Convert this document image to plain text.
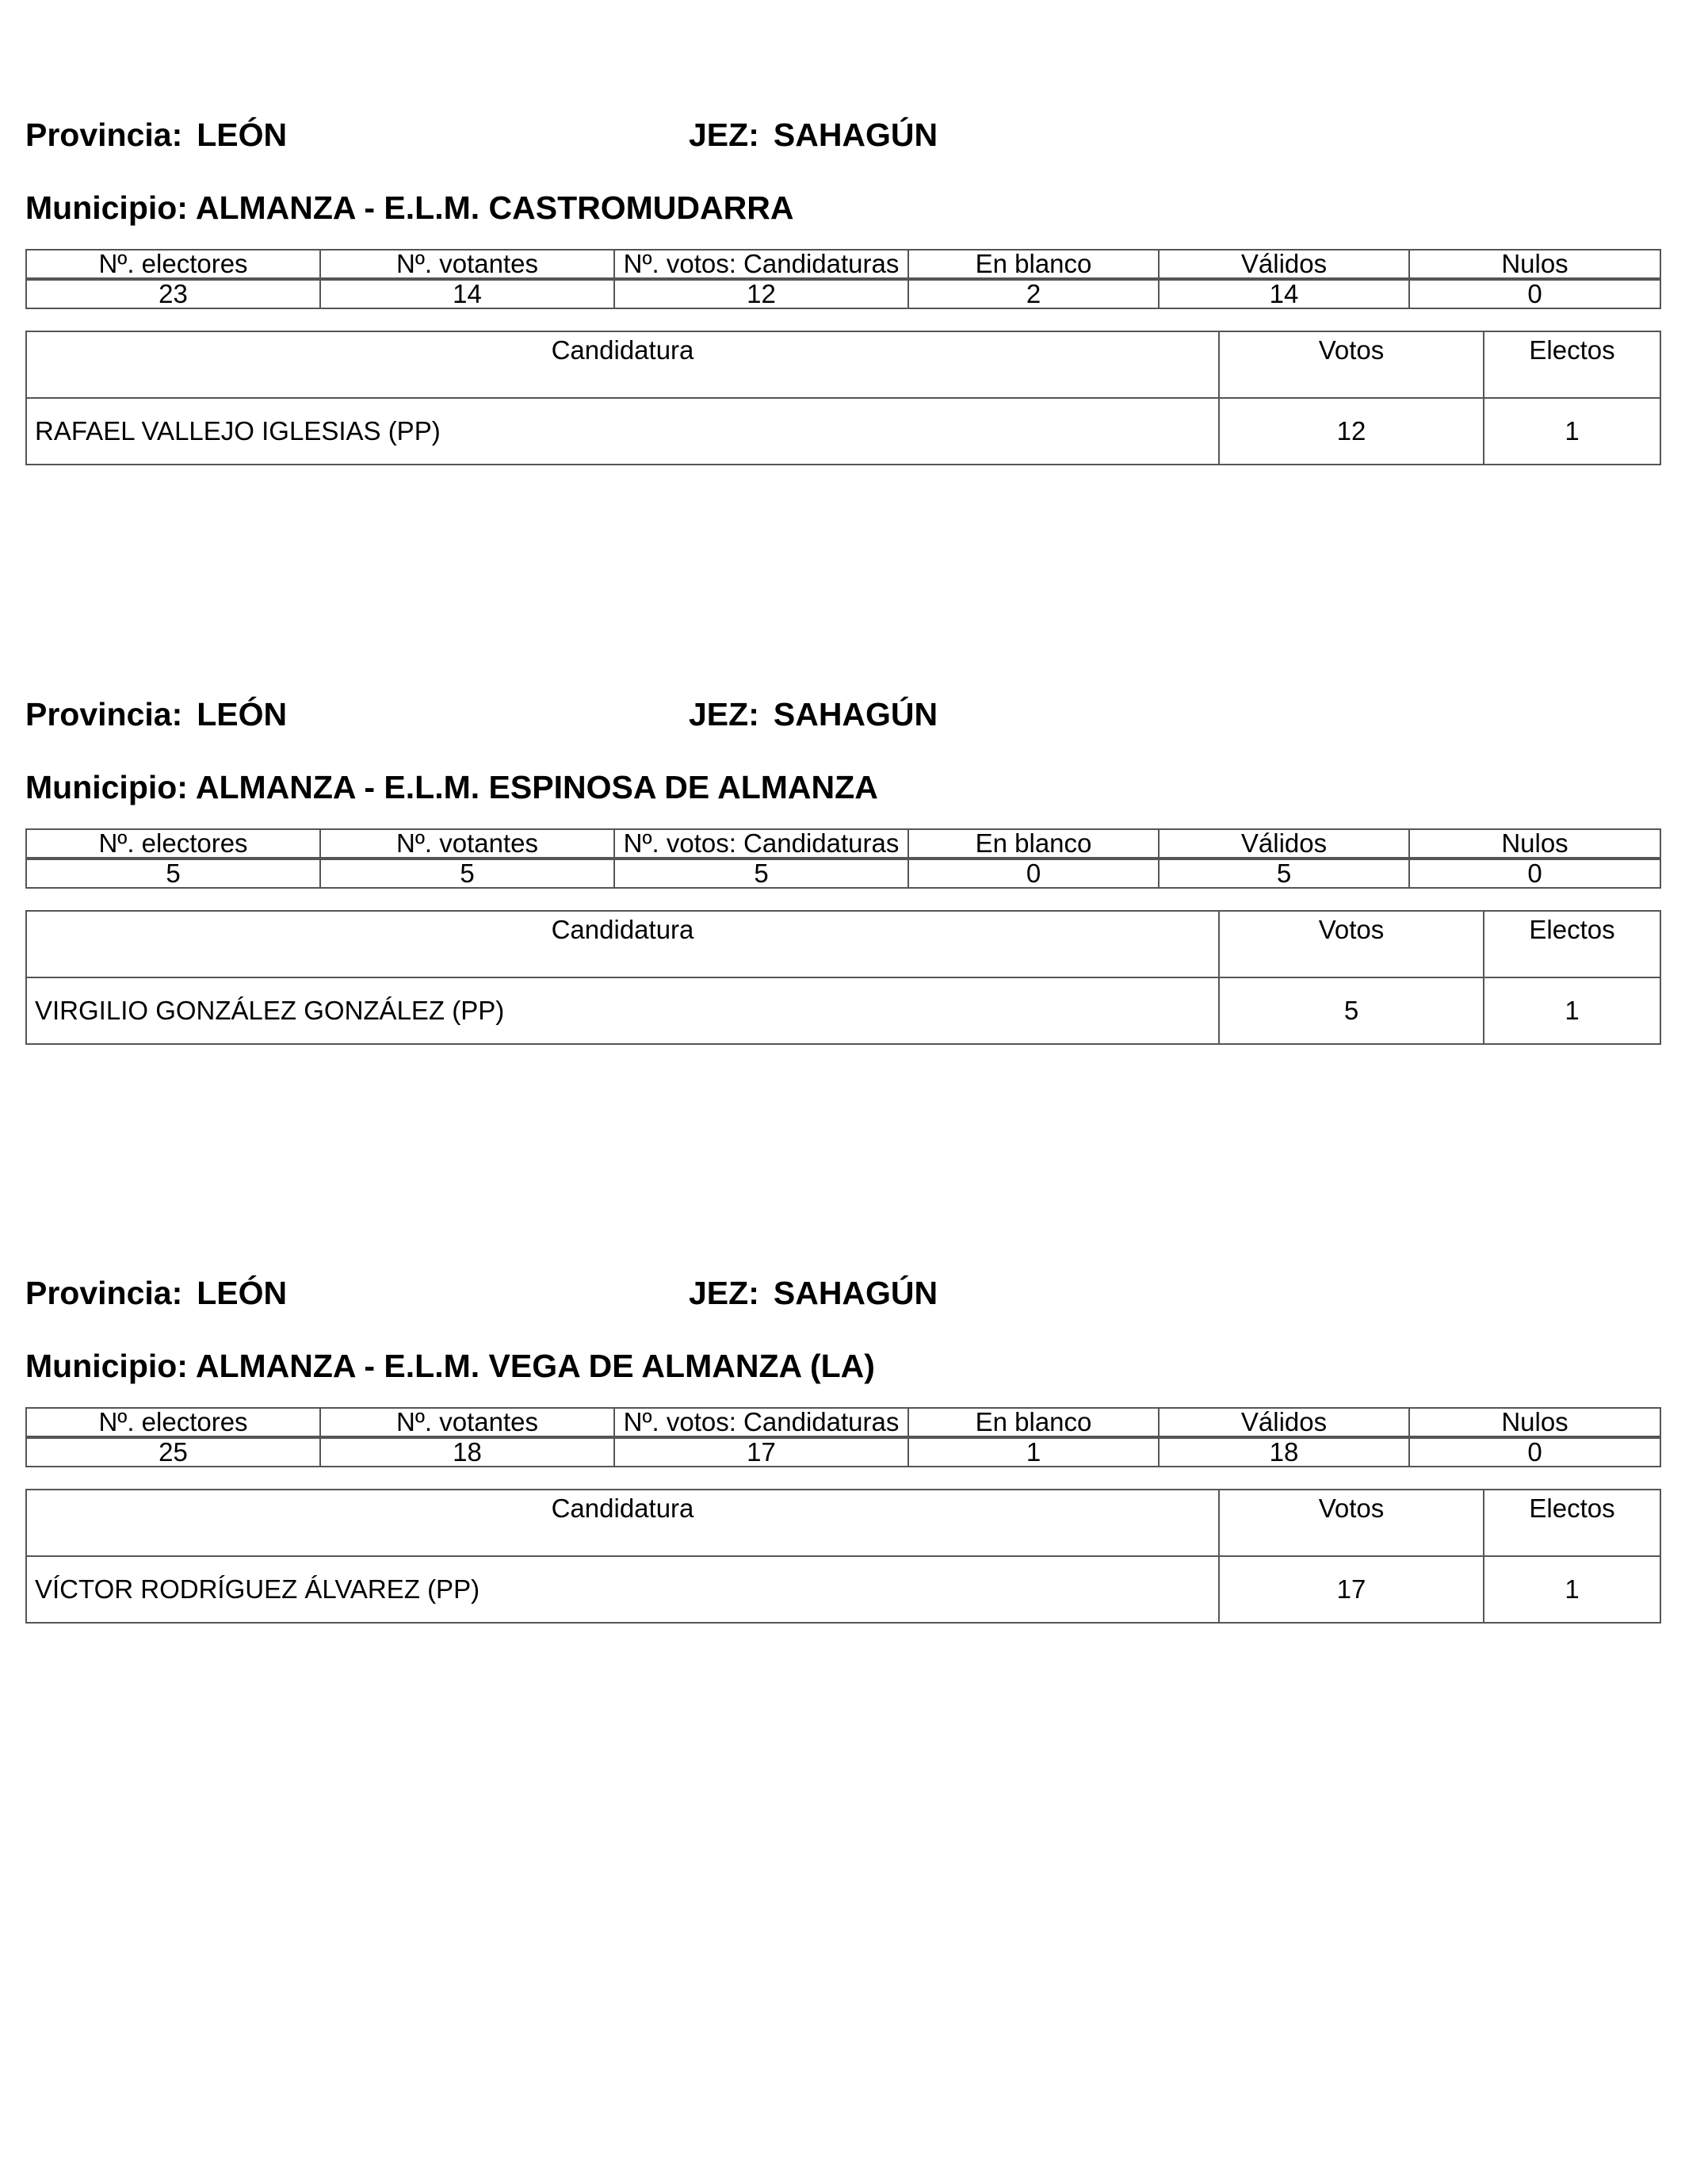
Provincia: LEÓN	JEZ: SAHAGÚN
Municipio: ALMANZA - E.L.M. CASTROMUDARRA
Nº. electores	Nº. votantes	Nº. votos: Candidaturas	En blanco	Válidos	Nulos
23	14	12	2	14	0
Candidatura	Votos	Electos
RAFAEL VALLEJO IGLESIAS (PP)	12	1
Provincia: LEÓN	JEZ: SAHAGÚN
Municipio: ALMANZA - E.L.M. ESPINOSA DE ALMANZA
Nº. electores	Nº. votantes	Nº. votos: Candidaturas	En blanco	Válidos	Nulos
5	5	5	0	5	0
Candidatura	Votos	Electos
VIRGILIO GONZÁLEZ GONZÁLEZ (PP)	5	1
Provincia: LEÓN	JEZ: SAHAGÚN
Municipio: ALMANZA - E.L.M. VEGA DE ALMANZA (LA)
Nº. electores	Nº. votantes	Nº. votos: Candidaturas	En blanco	Válidos	Nulos
25	18	17	1	18	0
Candidatura	Votos	Electos
VÍCTOR RODRÍGUEZ ÁLVAREZ (PP)	17	1
